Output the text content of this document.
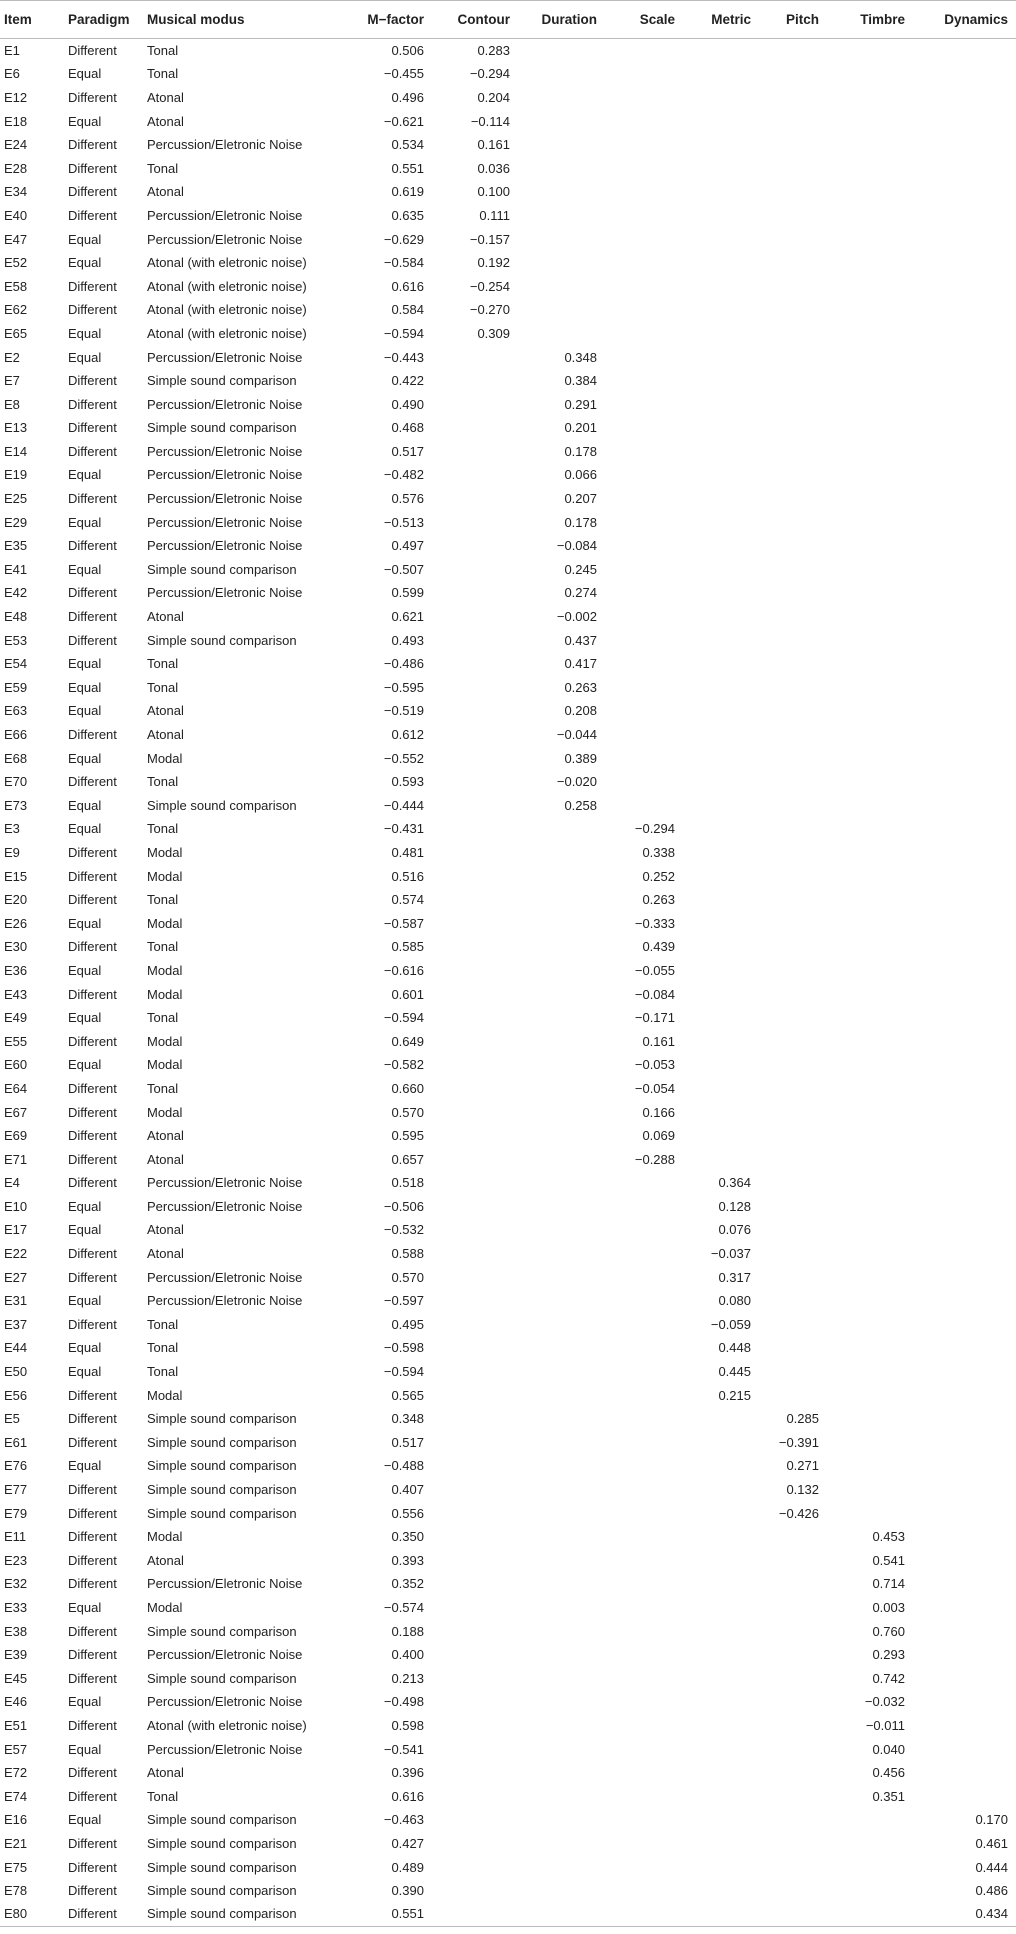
Item	Paradigm	Musical modus	M−factor	Contour	Duration	Scale	Metric	Pitch	Timbre	Dynamics
E1	Different	Tonal	0.506	0.283						
E6	Equal	Tonal	−0.455	−0.294						
E12	Different	Atonal	0.496	0.204						
E18	Equal	Atonal	−0.621	−0.114						
E24	Different	Percussion/Eletronic Noise	0.534	0.161						
E28	Different	Tonal	0.551	0.036						
E34	Different	Atonal	0.619	0.100						
E40	Different	Percussion/Eletronic Noise	0.635	0.111						
E47	Equal	Percussion/Eletronic Noise	−0.629	−0.157						
E52	Equal	Atonal (with eletronic noise)	−0.584	0.192						
E58	Different	Atonal (with eletronic noise)	0.616	−0.254						
E62	Different	Atonal (with eletronic noise)	0.584	−0.270						
E65	Equal	Atonal (with eletronic noise)	−0.594	0.309						
E2	Equal	Percussion/Eletronic Noise	−0.443		0.348					
E7	Different	Simple sound comparison	0.422		0.384					
E8	Different	Percussion/Eletronic Noise	0.490		0.291					
E13	Different	Simple sound comparison	0.468		0.201					
E14	Different	Percussion/Eletronic Noise	0.517		0.178					
E19	Equal	Percussion/Eletronic Noise	−0.482		0.066					
E25	Different	Percussion/Eletronic Noise	0.576		0.207					
E29	Equal	Percussion/Eletronic Noise	−0.513		0.178					
E35	Different	Percussion/Eletronic Noise	0.497		−0.084					
E41	Equal	Simple sound comparison	−0.507		0.245					
E42	Different	Percussion/Eletronic Noise	0.599		0.274					
E48	Different	Atonal	0.621		−0.002					
E53	Different	Simple sound comparison	0.493		0.437					
E54	Equal	Tonal	−0.486		0.417					
E59	Equal	Tonal	−0.595		0.263					
E63	Equal	Atonal	−0.519		0.208					
E66	Different	Atonal	0.612		−0.044					
E68	Equal	Modal	−0.552		0.389					
E70	Different	Tonal	0.593		−0.020					
E73	Equal	Simple sound comparison	−0.444		0.258					
E3	Equal	Tonal	−0.431			−0.294				
E9	Different	Modal	0.481			0.338				
E15	Different	Modal	0.516			0.252				
E20	Different	Tonal	0.574			0.263				
E26	Equal	Modal	−0.587			−0.333				
E30	Different	Tonal	0.585			0.439				
E36	Equal	Modal	−0.616			−0.055				
E43	Different	Modal	0.601			−0.084				
E49	Equal	Tonal	−0.594			−0.171				
E55	Different	Modal	0.649			0.161				
E60	Equal	Modal	−0.582			−0.053				
E64	Different	Tonal	0.660			−0.054				
E67	Different	Modal	0.570			0.166				
E69	Different	Atonal	0.595			0.069				
E71	Different	Atonal	0.657			−0.288				
E4	Different	Percussion/Eletronic Noise	0.518				0.364			
E10	Equal	Percussion/Eletronic Noise	−0.506				0.128			
E17	Equal	Atonal	−0.532				0.076			
E22	Different	Atonal	0.588				−0.037			
E27	Different	Percussion/Eletronic Noise	0.570				0.317			
E31	Equal	Percussion/Eletronic Noise	−0.597				0.080			
E37	Different	Tonal	0.495				−0.059			
E44	Equal	Tonal	−0.598				0.448			
E50	Equal	Tonal	−0.594				0.445			
E56	Different	Modal	0.565				0.215			
E5	Different	Simple sound comparison	0.348					0.285		
E61	Different	Simple sound comparison	0.517					−0.391		
E76	Equal	Simple sound comparison	−0.488					0.271		
E77	Different	Simple sound comparison	0.407					0.132		
E79	Different	Simple sound comparison	0.556					−0.426		
E11	Different	Modal	0.350						0.453	
E23	Different	Atonal	0.393						0.541	
E32	Different	Percussion/Eletronic Noise	0.352						0.714	
E33	Equal	Modal	−0.574						0.003	
E38	Different	Simple sound comparison	0.188						0.760	
E39	Different	Percussion/Eletronic Noise	0.400						0.293	
E45	Different	Simple sound comparison	0.213						0.742	
E46	Equal	Percussion/Eletronic Noise	−0.498						−0.032	
E51	Different	Atonal (with eletronic noise)	0.598						−0.011	
E57	Equal	Percussion/Eletronic Noise	−0.541						0.040	
E72	Different	Atonal	0.396						0.456	
E74	Different	Tonal	0.616						0.351	
E16	Equal	Simple sound comparison	−0.463							0.170
E21	Different	Simple sound comparison	0.427							0.461
E75	Different	Simple sound comparison	0.489							0.444
E78	Different	Simple sound comparison	0.390							0.486
E80	Different	Simple sound comparison	0.551							0.434
